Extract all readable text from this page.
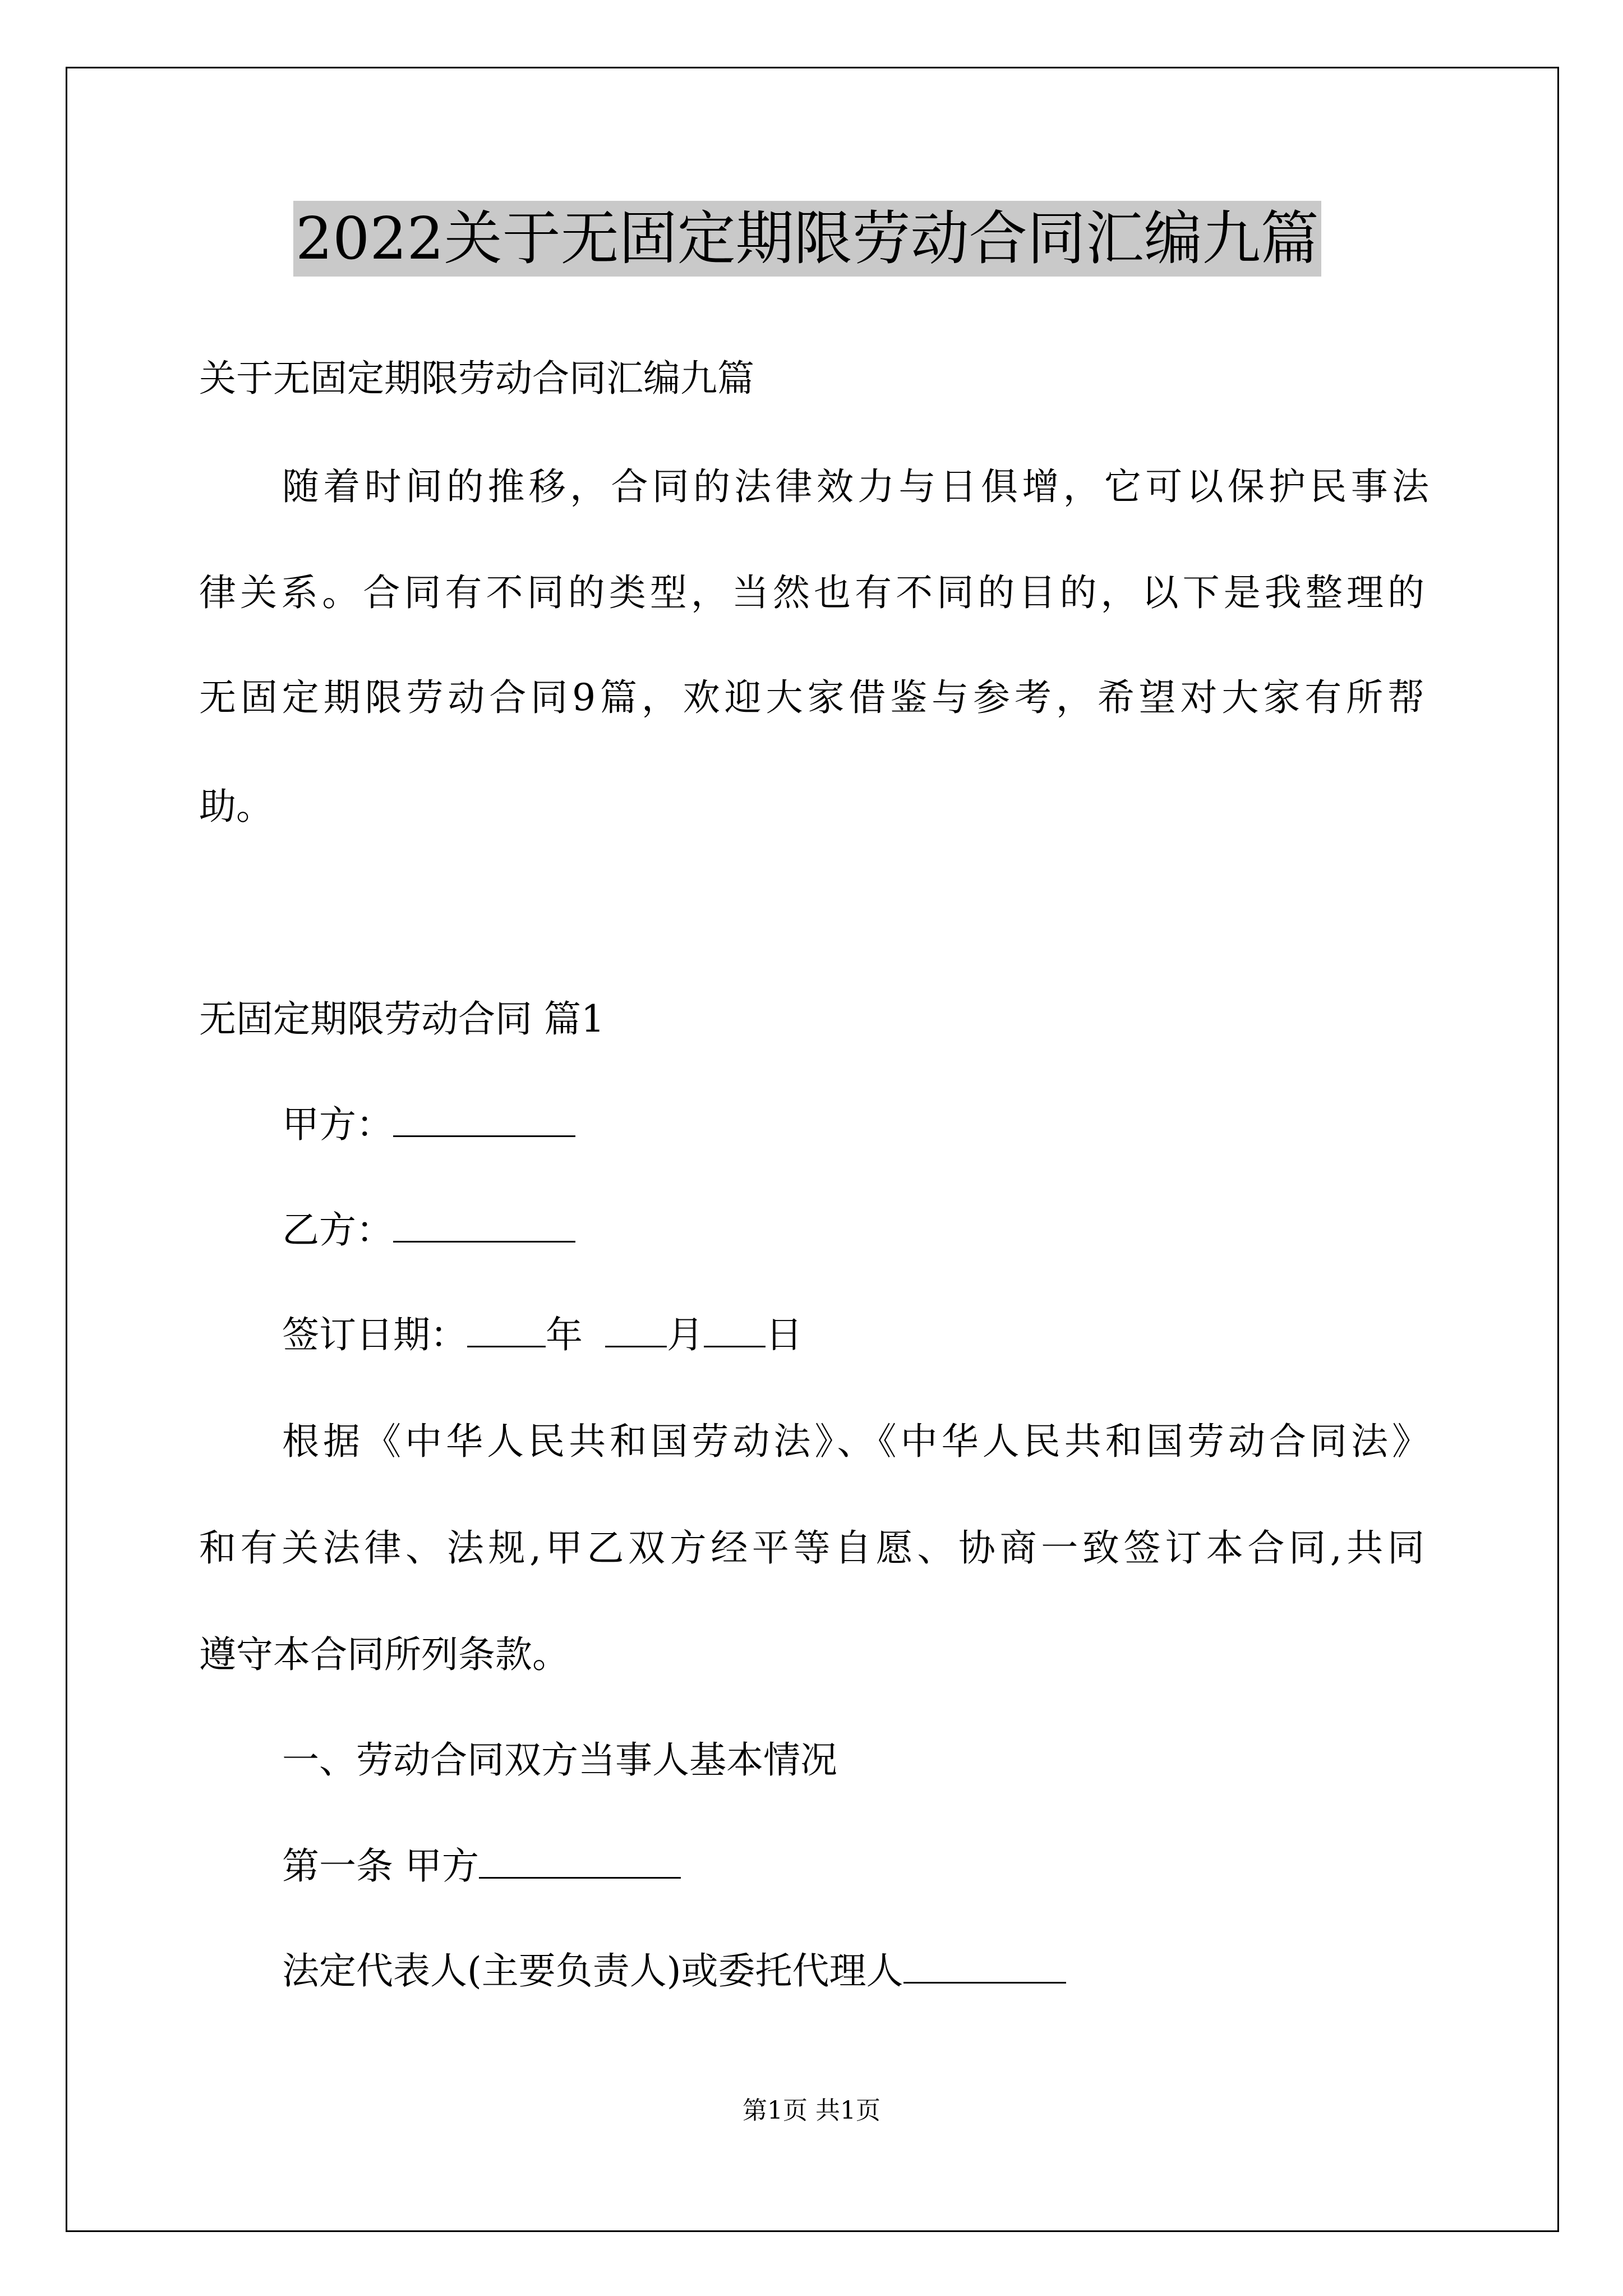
2022关于无固定期限劳动合同汇编九篇
关于无固定期限劳动合同汇编九篇
随着时间的推移，合同的法律效力与日俱增，它可以保护民事法
律关系。合同有不同的类型，当然也有不同的目的，以下是我整理的
无固定期限劳动合同9篇，欢迎大家借鉴与参考，希望对大家有所帮
助。
无固定期限劳动合同 篇1
甲方：
乙方：
签订日期： 年 月 日
根据《中华人民共和国劳动法》、《中华人民共和国劳动合同法》
和有关法律、法规,甲乙双方经平等自愿、协商一致签订本合同,共同
遵守本合同所列条款。
一、劳动合同双方当事人基本情况
第一条 甲方
法定代表人(主要负责人)或委托代理人
第1页 共1页
